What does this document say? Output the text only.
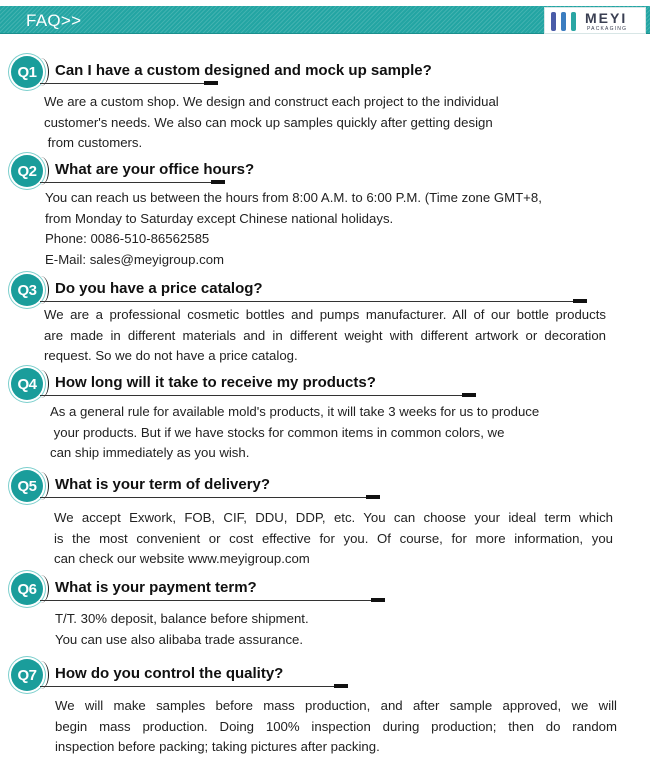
FAQ>>	MEYI
PACKAGING
Q1	Can I have a custom designed and mock up sample?

We are a custom shop. We design and construct each project to the individual

customer's needs. We also can mock up samples quickly after getting design

from customers.

Q2	What are your office hours?

You can reach us between the hours from 8:00 A.M. to 6:00 P.M. (Time zone GMT+8,

from Monday to Saturday except Chinese national holidays.

Phone: 0086-510-86562585

E-Mail: sales@meyigroup.com

Q3	Do you have a price catalog?

We are a professional cosmetic bottles and pumps manufacturer. All of our bottle products

are made in different materials and in different weight with different artwork or decoration

request. So we do not have a price catalog.

Q4	How long will it take to receive my products?

As a general rule for available mold's products, it will take 3 weeks for us to produce

your products. But if we have stocks for common items in common colors, we

can ship immediately as you wish.

Q5	What is your term of delivery?

We accept Exwork, FOB, CIF, DDU, DDP, etc. You can choose your ideal term which

is the most convenient or cost effective for you. Of course, for more information, you

can check our website www.meyigroup.com

Q6	What is your payment term?

T/T. 30% deposit, balance before shipment.

You can use also alibaba trade assurance.

Q7	How do you control the quality?

We will make samples before mass production, and after sample approved, we will

begin mass production. Doing 100% inspection during production; then do random

inspection before packing; taking pictures after packing.
